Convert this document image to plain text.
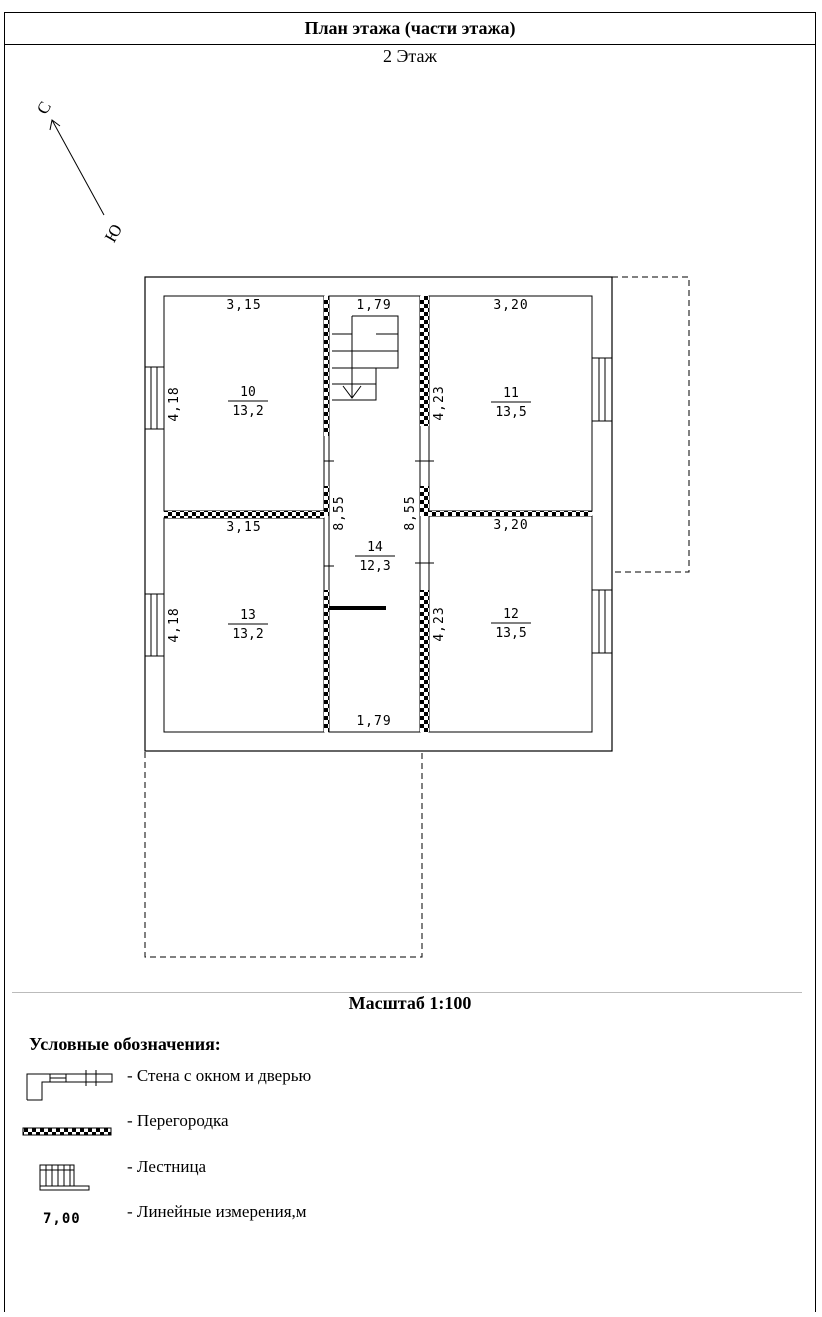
План этажа (части этажа)
2 Этаж
С
Ю
3,15
4,18	10
13,2
3,20
4,23	11
13,5
3,15
4,18	13
13,2
3,20
4,23	12
13,5
1,79
1,79
8,55	8,55
14
12,3
Масштаб 1:100
Условные обозначения:
- Стена с окном и дверью
- Перегородка
- Лестница
- Линейные измерения,м
7,00
